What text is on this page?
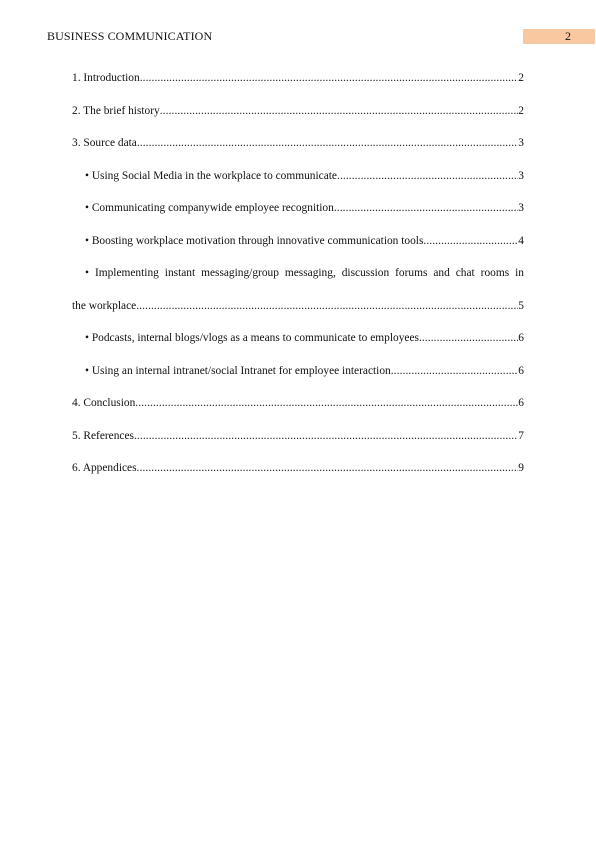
BUSINESS COMMUNICATION	2
1. Introduction .....	2
2. The brief history .....	2
3. Source data .....	3
• Using Social Media in the workplace to communicate .....	3
• Communicating companywide employee recognition .....	3
• Boosting workplace motivation through innovative communication tools .....	4
• Implementing instant messaging/group messaging, discussion forums and chat rooms in
the workplace .....	5
• Podcasts, internal blogs/vlogs as a means to communicate to employees .....	6
• Using an internal intranet/social Intranet for employee interaction .....	6
4. Conclusion .....	6
5. References .....	7
6. Appendices .....	9
